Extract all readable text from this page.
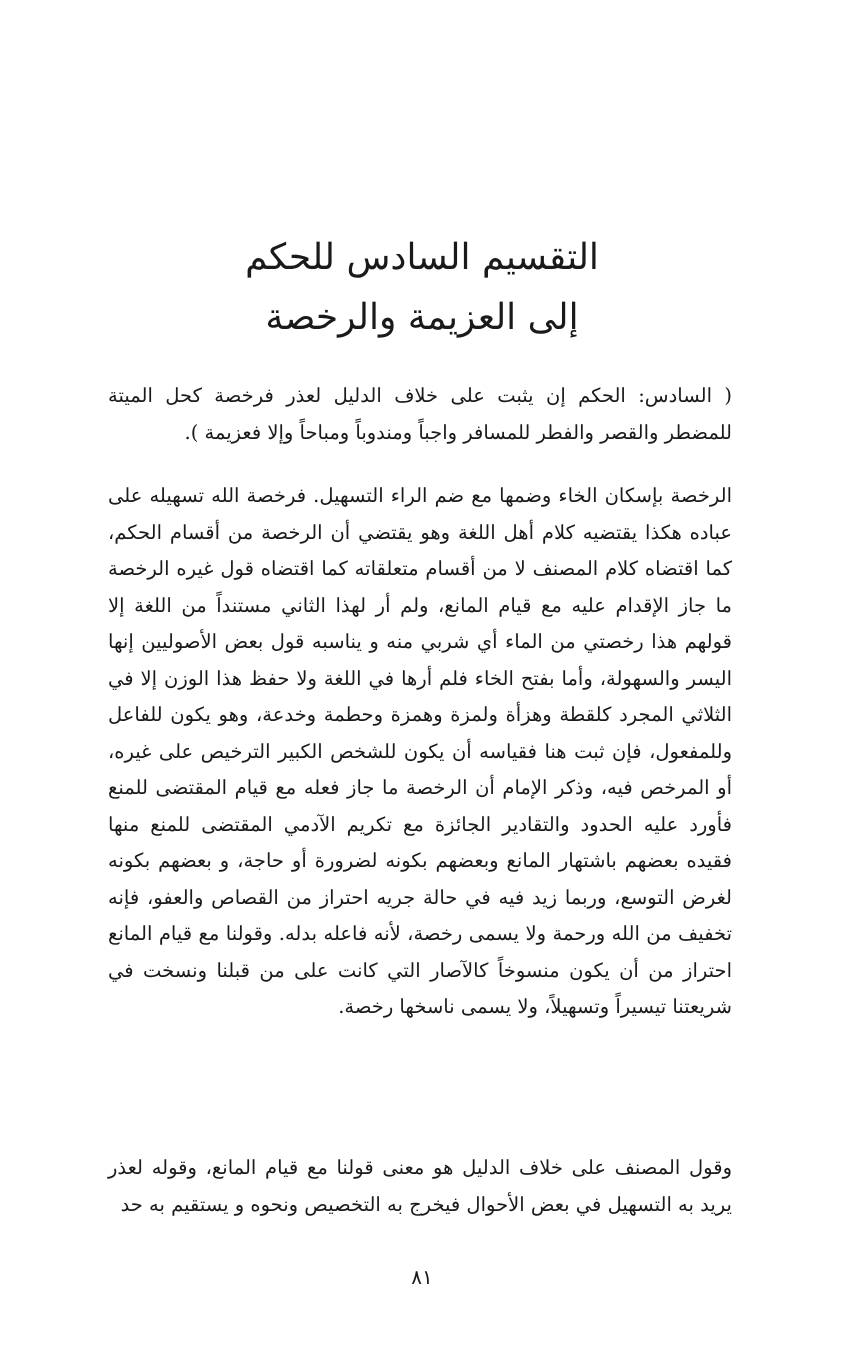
التقسيم السادس للحكم
إلى العزيمة والرخصة

( السادس: الحكم إن يثبت على خلاف الدليل لعذر فرخصة كحل الميتة للمضطر والقصر والفطر للمسافر واجباً ومندوباً ومباحاً وإلا فعزيمة ).

الرخصة بإسكان الخاء وضمها مع ضم الراء التسهيل. فرخصة الله تسهيله على عباده هكذا يقتضيه كلام أهل اللغة وهو يقتضي أن الرخصة من أقسام الحكم، كما اقتضاه كلام المصنف لا من أقسام متعلقاته كما اقتضاه قول غيره الرخصة ما جاز الإقدام عليه مع قيام المانع، ولم أر لهذا الثاني مستنداً من اللغة إلا قولهم هذا رخصتي من الماء أي شربي منه و يناسبه قول بعض الأصوليين إنها اليسر والسهولة، وأما بفتح الخاء فلم أرها في اللغة ولا حفظ هذا الوزن إلا في الثلاثي المجرد كلقطة وهزأة ولمزة وهمزة وحطمة وخدعة، وهو يكون للفاعل وللمفعول، فإن ثبت هنا فقياسه أن يكون للشخص الكبير الترخيص على غيره، أو المرخص فيه، وذكر الإمام أن الرخصة ما جاز فعله مع قيام المقتضى للمنع فأورد عليه الحدود والتقادير الجائزة مع تكريم الآدمي المقتضى للمنع منها فقيده بعضهم باشتهار المانع وبعضهم بكونه لضرورة أو حاجة، و بعضهم بكونه لغرض التوسع، وربما زيد فيه في حالة جريه احتراز من القصاص والعفو، فإنه تخفيف من الله ورحمة ولا يسمى رخصة، لأنه فاعله بدله. وقولنا مع قيام المانع احتراز من أن يكون منسوخاً كالآصار التي كانت على من قبلنا ونسخت في شريعتنا تيسيراً وتسهيلاً، ولا يسمى ناسخها رخصة.

وقول المصنف على خلاف الدليل هو معنى قولنا مع قيام المانع، وقوله لعذر يريد به التسهيل في بعض الأحوال فيخرج به التخصيص ونحوه و يستقيم به حد

٨١
